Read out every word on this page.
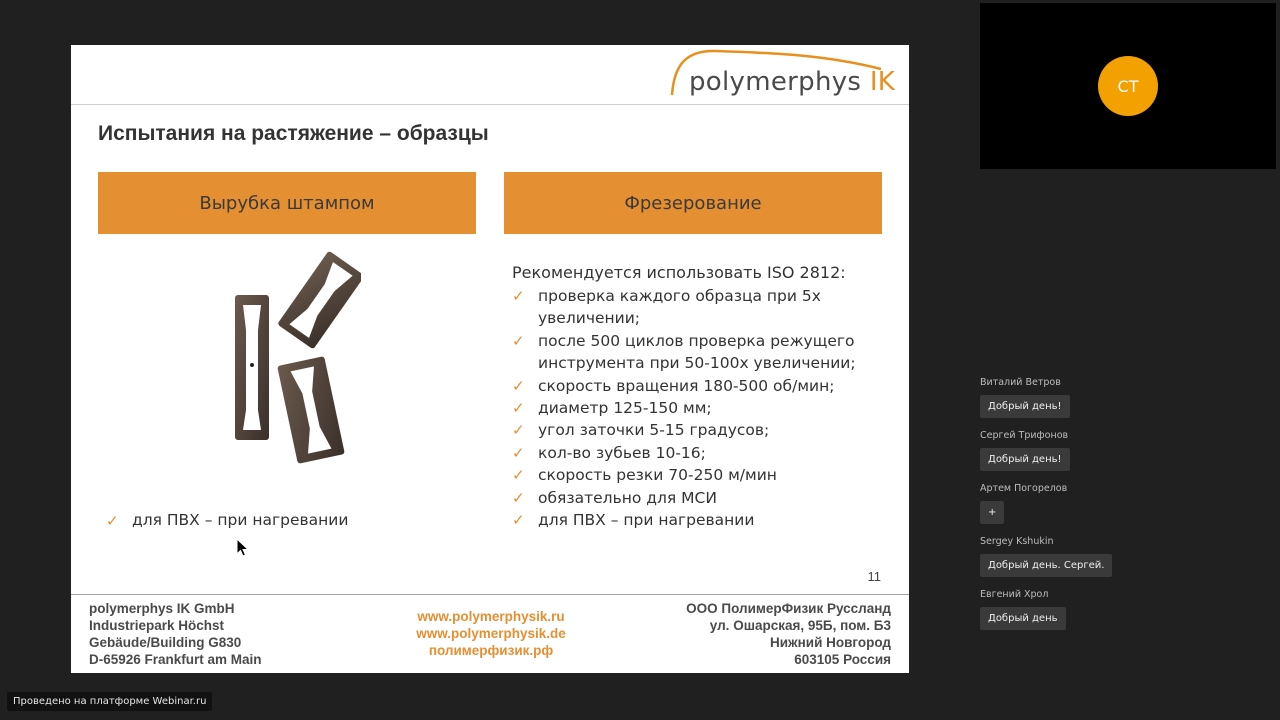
polymerphys IK
Испытания на растяжение – образцы
Вырубка штампом	Фрезерование
Рекомендуется использовать ISO 2812:
✓ проверка каждого образца при 5х увеличении;
✓ после 500 циклов проверка режущего инструмента при 50-100х увеличении;
✓ скорость вращения 180-500 об/мин;
✓ диаметр 125-150 мм;
✓ угол заточки 5-15 градусов;
✓ кол-во зубьев 10-16;
✓ скорость резки 70-250 м/мин
✓ обязательно для МСИ
✓ для ПВХ – при нагревании
✓ для ПВХ – при нагревании
11
polymerphys IK GmbH
Industriepark Höchst
Gebäude/Building G830
D-65926 Frankfurt am Main
www.polymerphysik.ru
www.polymerphysik.de
полимерфизик.рф
ООО ПолимерФизик Руссланд
ул. Ошарская, 95Б, пом. Б3
Нижний Новгород
603105 Россия
СТ
Виталий Ветров
Добрый день!
Сергей Трифонов
Добрый день!
Артем Погорелов
+
Sergey Kshukin
Добрый день. Сергей.
Евгений Хрол
Добрый день
Проведено на платформе Webinar.ru
